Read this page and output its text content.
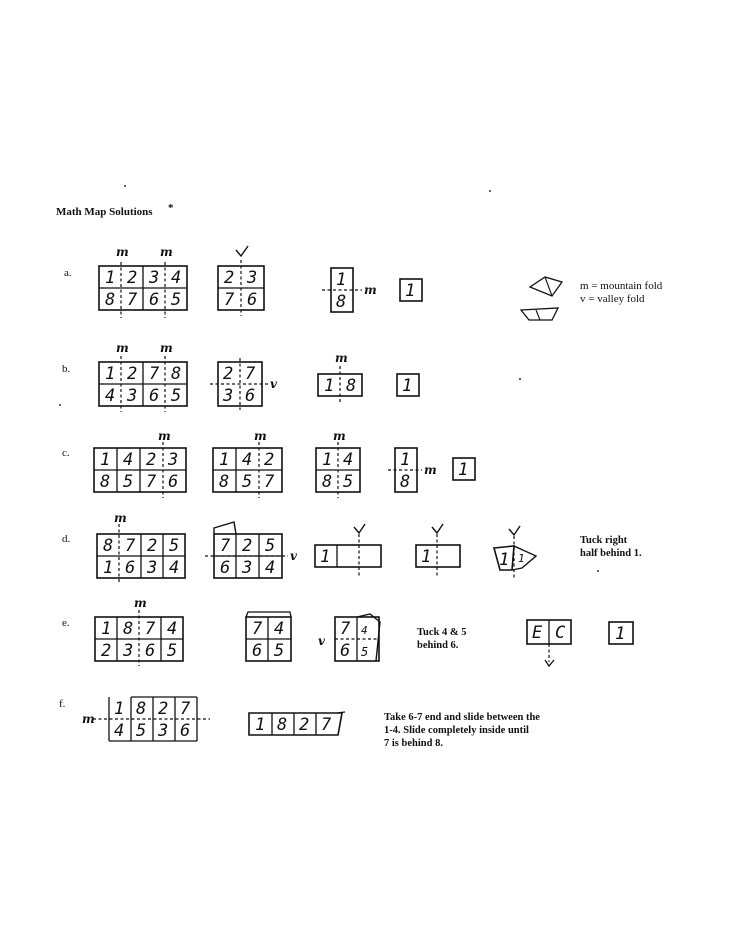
Math Map Solutions *
m = mountain fold
v = valley fold
a.
m	m
1 2 3 4
8 7 6 5
2 3
7 6	m
1
8
1
b.
m	m
1 2 7 8
4 3 6 5
v
2 7
3 6
m
1 8	1
c.
m
1 4 2 3
8 5 7 6
m
1 4 2
8 5 7
m
1 4
8 5
m
1
8
1
d.
m
8 7 2 5
1 6 3 4
v
7 2 5
6 3 4
1	1	1 1
Tuck right
half behind 1.
e.
m
1 8 7 4
2 3 6 5
7 4
6 5	v
7 4
6 5
Tuck 4 & 5
behind 6.
E C	1
f.
m 1 8 2 7
4 5 3 6	1 8 2 7	Take 6-7 end and slide between the
1-4. Slide completely inside until
7 is behind 8.
